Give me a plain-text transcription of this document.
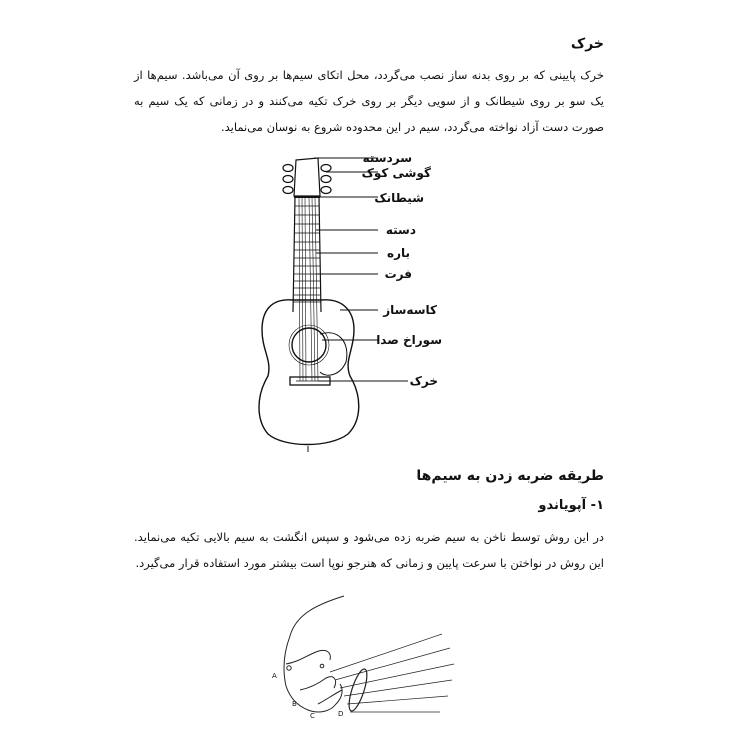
خرک
خرک پایینی که بر روی بدنه ساز نصب می‌گردد، محل اتکای سیم‌ها بر روی آن می‌باشد. سیم‌ها از یک سو بر روی شیطانک و از سویی دیگر بر روی خرک تکیه می‌کنند و در زمانی که یک سیم به صورت دست آزاد نواخته می‌گردد، سیم در این محدوده شروع به نوسان می‌نماید.
سردسته
گوشی کوک
شیطانک
دسته
باره
فرت
کاسه‌ساز
سوراخ صدا
خرک
A
B
C	D
طریقه ضربه زدن به سیم‌ها
۱- آپویاندو
در این روش توسط ناخن به سیم ضربه زده می‌شود و سپس انگشت به سیم بالایی تکیه می‌نماید. این روش در نواختن با سرعت پایین و زمانی که هنرجو نوپا است بیشتر مورد استفاده قرار می‌گیرد.
